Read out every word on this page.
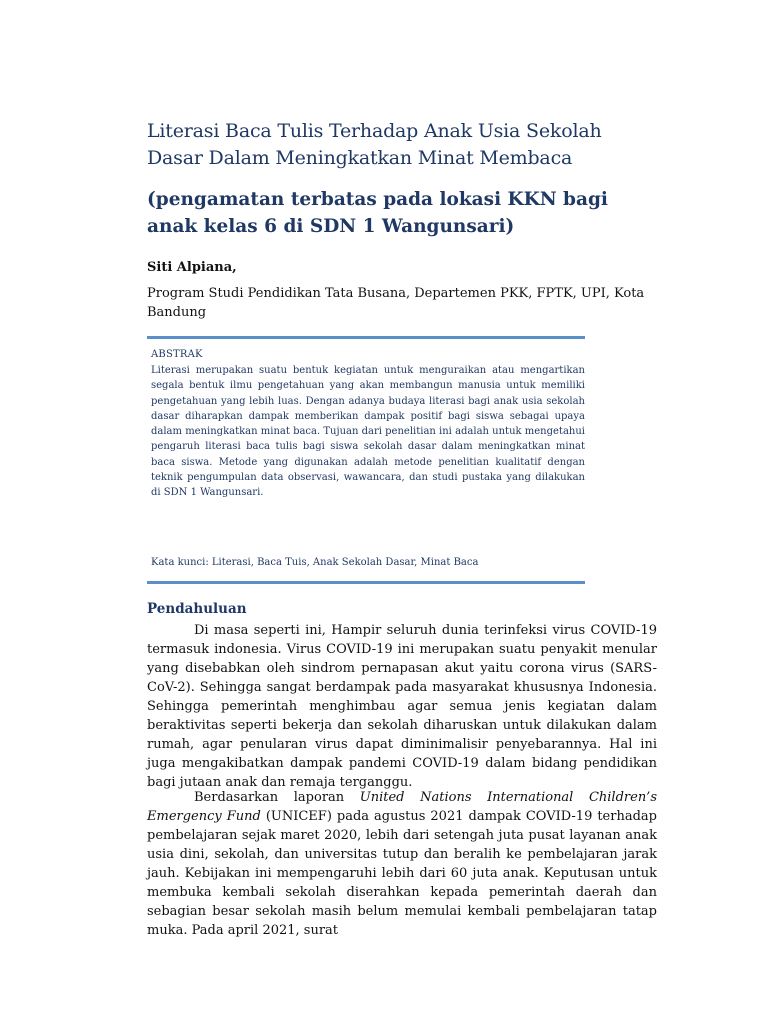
Literasi Baca Tulis Terhadap Anak Usia Sekolah Dasar Dalam Meningkatkan Minat Membaca
(pengamatan terbatas pada lokasi KKN bagi anak kelas 6 di SDN 1 Wangunsari)
Siti Alpiana,
Program Studi Pendidikan Tata Busana, Departemen PKK, FPTK, UPI, Kota Bandung
ABSTRAK

Literasi merupakan suatu bentuk kegiatan untuk menguraikan atau mengartikan segala bentuk ilmu pengetahuan yang akan membangun manusia untuk memiliki pengetahuan yang lebih luas. Dengan adanya budaya literasi bagi anak usia sekolah dasar diharapkan dampak memberikan dampak positif bagi siswa sebagai upaya dalam meningkatkan minat baca. Tujuan dari penelitian ini adalah untuk mengetahui pengaruh literasi baca tulis bagi siswa sekolah dasar dalam meningkatkan minat baca siswa. Metode yang digunakan adalah metode penelitian kualitatif dengan teknik pengumpulan data observasi, wawancara, dan studi pustaka yang dilakukan di SDN 1 Wangunsari.

Kata kunci: Literasi, Baca Tuis, Anak Sekolah Dasar, Minat Baca
Pendahuluan

Di masa seperti ini, Hampir seluruh dunia terinfeksi virus COVID-19 termasuk indonesia. Virus COVID-19 ini merupakan suatu penyakit menular yang disebabkan oleh sindrom pernapasan akut yaitu corona virus (SARS-CoV-2). Sehingga sangat berdampak pada masyarakat khususnya Indonesia. Sehingga pemerintah menghimbau agar semua jenis kegiatan dalam beraktivitas seperti bekerja dan sekolah diharuskan untuk dilakukan dalam rumah, agar penularan virus dapat diminimalisir penyebarannya. Hal ini juga mengakibatkan dampak pandemi COVID-19 dalam bidang pendidikan bagi jutaan anak dan remaja terganggu.

Berdasarkan laporan United Nations International Children’s Emergency Fund (UNICEF) pada agustus 2021 dampak COVID-19 terhadap pembelajaran sejak maret 2020, lebih dari setengah juta pusat layanan anak usia dini, sekolah, dan universitas tutup dan beralih ke pembelajaran jarak jauh. Kebijakan ini mempengaruhi lebih dari 60 juta anak. Keputusan untuk membuka kembali sekolah diserahkan kepada pemerintah daerah dan sebagian besar sekolah masih belum memulai kembali pembelajaran tatap muka. Pada april 2021, surat
